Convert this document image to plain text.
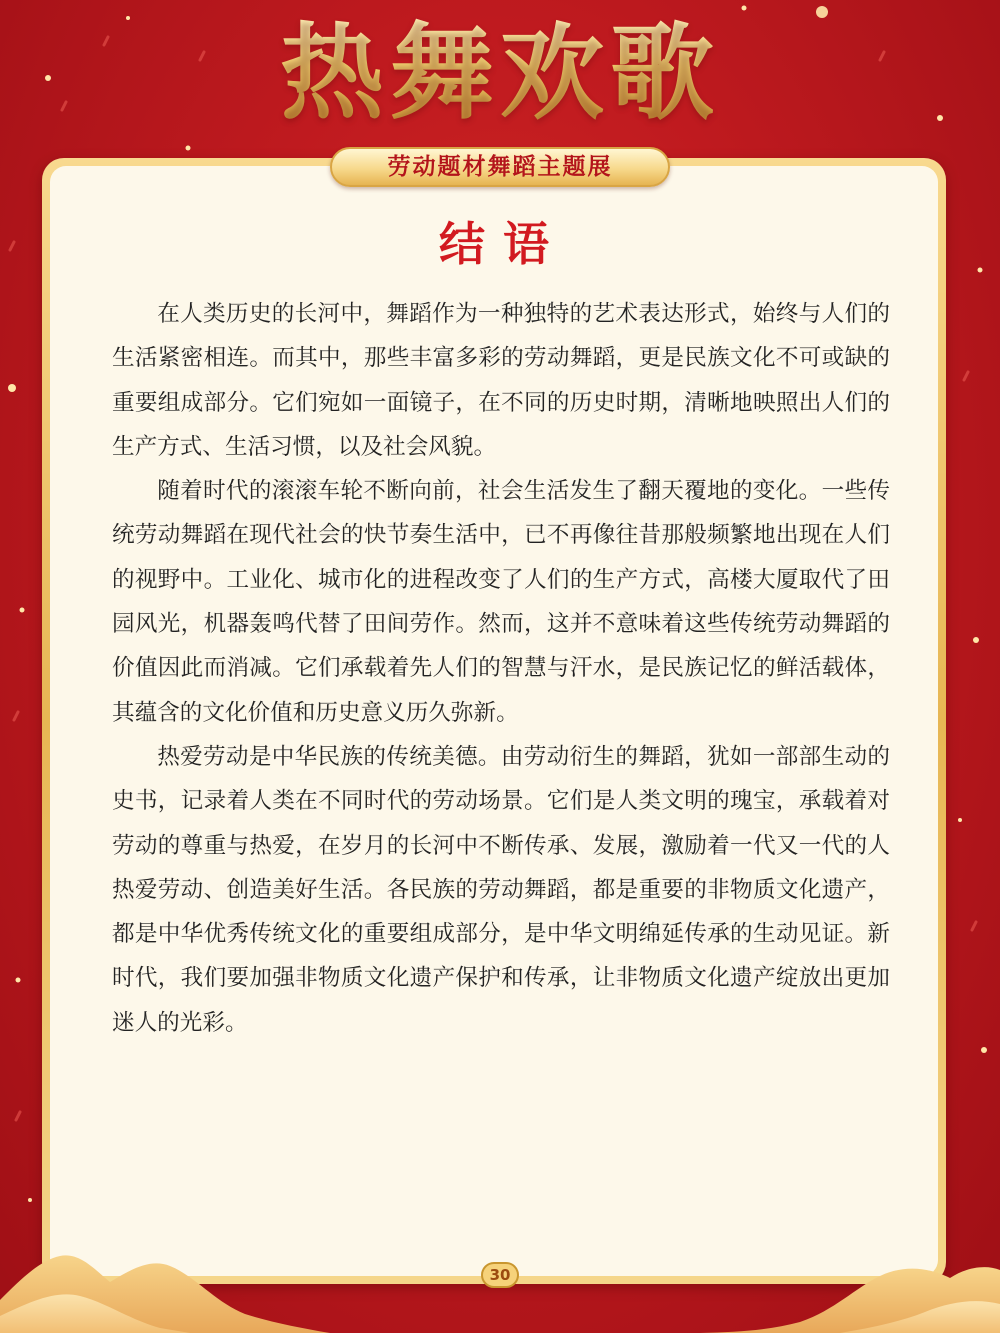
热舞欢歌
劳动题材舞蹈主题展
结语

在人类历史的长河中，舞蹈作为一种独特的艺术表达形式，始终与人们的生活紧密相连。而其中，那些丰富多彩的劳动舞蹈，更是民族文化不可或缺的重要组成部分。它们宛如一面镜子，在不同的历史时期，清晰地映照出人们的生产方式、生活习惯，以及社会风貌。

随着时代的滚滚车轮不断向前，社会生活发生了翻天覆地的变化。一些传统劳动舞蹈在现代社会的快节奏生活中，已不再像往昔那般频繁地出现在人们的视野中。工业化、城市化的进程改变了人们的生产方式，高楼大厦取代了田园风光，机器轰鸣代替了田间劳作。然而，这并不意味着这些传统劳动舞蹈的价值因此而消减。它们承载着先人们的智慧与汗水，是民族记忆的鲜活载体，其蕴含的文化价值和历史意义历久弥新。

热爱劳动是中华民族的传统美德。由劳动衍生的舞蹈，犹如一部部生动的史书，记录着人类在不同时代的劳动场景。它们是人类文明的瑰宝，承载着对劳动的尊重与热爱，在岁月的长河中不断传承、发展，激励着一代又一代的人热爱劳动、创造美好生活。各民族的劳动舞蹈，都是重要的非物质文化遗产，都是中华优秀传统文化的重要组成部分，是中华文明绵延传承的生动见证。新时代，我们要加强非物质文化遗产保护和传承，让非物质文化遗产绽放出更加迷人的光彩。

30
